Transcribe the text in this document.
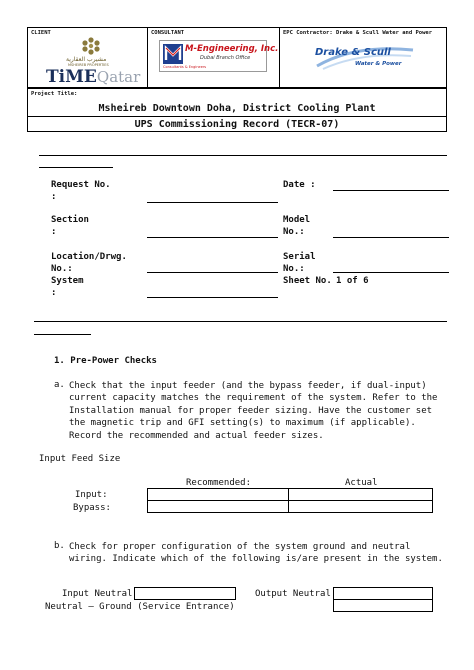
CLIENT
مشيرب العقارية
MSHEIREB PROPERTIES
TiMEQatar
CONSULTANT
M-Engineering, Inc.
Dubai Branch Office
Consultants & Engineers
EPC Contractor: Drake & Scull Water and Power
Drake & Scull
Water & Power
Project Title:
Msheireb Downtown Doha, District Cooling Plant
UPS Commissioning Record (TECR-07)
Request No.
:
Date :
Section
:
Model
No.:
Location/Drwg.
No.:
Serial
No.:
System
:
Sheet No. 1 of 6
1. Pre-Power Checks
a. Check that the input feeder (and the bypass feeder, if dual-input)
current capacity matches the requirement of the system. Refer to the
Installation manual for proper feeder sizing. Have the customer set
the magnetic trip and GFI setting(s) to maximum (if applicable).
Record the recommended and actual feeder sizes.
Input Feed Size
Recommended:	Actual
Input:
Bypass:
b. Check for proper configuration of the system ground and neutral
wiring. Indicate which of the following is/are present in the system.
Input Neutral	Output Neutral
Neutral – Ground (Service Entrance)
